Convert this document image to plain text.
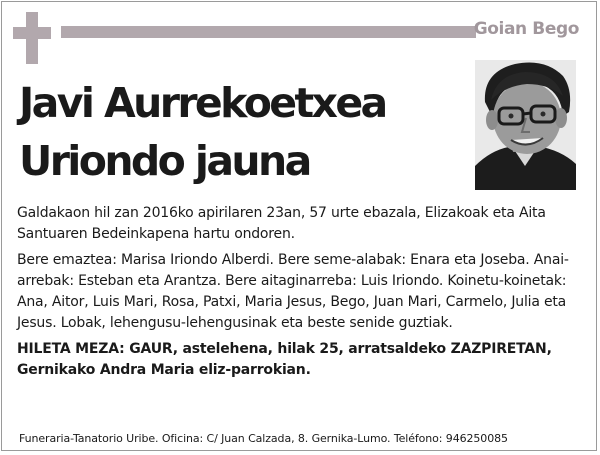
Goian Bego
Javi Aurrekoetxea
Uriondo jauna

Galdakaon hil zan 2016ko apirilaren 23an, 57 urte ebazala, Elizakoak eta Aita Santuaren Bedeinkapena hartu ondoren.

Bere emaztea: Marisa Iriondo Alberdi. Bere seme-alabak: Enara eta Joseba. Anai-arrebak: Esteban eta Arantza. Bere aitaginarreba: Luis Iriondo. Koinetu-koinetak: Ana, Aitor, Luis Mari, Rosa, Patxi, Maria Jesus, Bego, Juan Mari, Carmelo, Julia eta Jesus. Lobak, lehengusu-lehengusinak eta beste senide guztiak.

HILETA MEZA: GAUR, astelehena, hilak 25, arratsaldeko ZAZPIRETAN, Gernikako Andra Maria eliz-parrokian.

Funeraria-Tanatorio Uribe. Oficina: C/ Juan Calzada, 8. Gernika-Lumo. Teléfono: 946250085
